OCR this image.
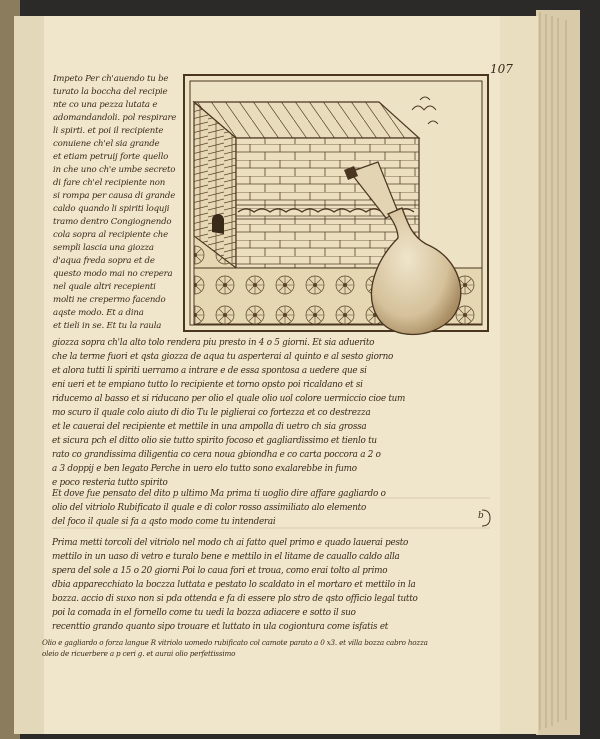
107
Impeto Per ch'auendo tu be
turato la boccha del recipie
nte co una pezza lutata e
adomandandoli. pol respirare
li spirti. et poi il recipiente
conuiene ch'el sia grande
et etiam petruij forte quello
in che uno ch'e umbe secreto
di fare ch'el recipiente non
si rompa per causa di grande
caldo quando li spiriti loquji
tramo dentro Congiognendo
cola sopra al recipiente che
sempli lascia una giozza
d'aqua freda sopra et de
questo modo mai no crepera
nel quale altri recepienti
molti ne crepermo facendo
aqste modo. Et a dina
et tieli in se. Et tu la raula
giozza sopra ch'la alto tolo rendera piu presto in 4 o 5 giorni. Et sia aduerito
che la terme fuori et qsta giozza de aqua tu asperterai al quinto e al sesto giorno
et alora tutti li spiriti uerramo a intrare e de essa spontosa a uedere que si
eni ueri et te empiano tutto lo recipiente et torno opsto poi ricaldano et si
riducemo al basso et si riducano per olio el quale olio uol colore uermiccio cioe tum
mo scuro il quale colo aiuto di dio Tu le piglierai co fortezza et co destrezza
et le cauerai del recipiente et mettile in una ampolla di uetro ch sia grossa
et sicura pch el ditto olio sie tutto spirito focoso et gagliardissimo et tienlo tu
rato co grandissima diligentia co cera noua gbiondha e co carta poccora a 2 o
a 3 doppij e ben legato Perche in uero elo tutto sono exalarebbe in fumo
e poco resteria tutto spirito
Et dove fue pensato del dito p ultimo Ma prima ti uoglio dire affare gagliardo o
olio del vitriolo Rubificato il quale e di color rosso assimiliato alo elemento
del foco il quale si fa a qsto modo come tu intenderai
b
Prima metti torcoli del vitriolo nel modo ch ai fatto quel primo e quado lauerai pesto
mettilo in un uaso di vetro e turalo bene e mettilo in el litame de cauallo caldo alla
spera del sole a 15 o 20 giorni Poi lo caua fori et troua, como erai tolto al primo
dbia apparecchiato la boczza luttata e pestato lo scaldato in el mortaro et mettilo in la
bozza. accio di suxo non si pda ottenda e fa di essere plo stro de qsto officio legal tutto
poi la comada in el fornello come tu uedi la bozza adiacere e sotto il suo
recenttio grando quanto sipo trouare et luttato in ula cogiontura come isfatis et
Olio e gagliardo o forza langue R vitriolo uomedo rubificato col camote parato a 0 x3. et villa bozza cabro hozza
oleio de ricuerbere a p ceri g. et aurai olio perfettissimo
